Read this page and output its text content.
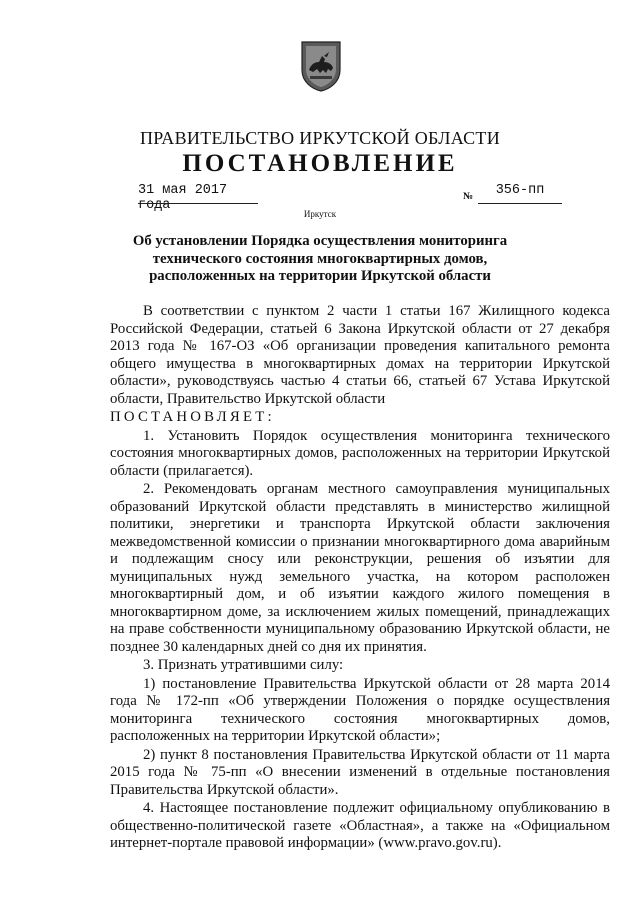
ПРАВИТЕЛЬСТВО ИРКУТСКОЙ ОБЛАСТИ
ПОСТАНОВЛЕНИЕ
31 мая 2017 года
№	356-пп
Иркутск
Об установлении Порядка осуществления мониторинга технического состояния многоквартирных домов, расположенных на территории Иркутской области

В соответствии с пунктом 2 части 1 статьи 167 Жилищного кодекса Российской Федерации, статьей 6 Закона Иркутской области от 27 декабря 2013 года № 167-ОЗ «Об организации проведения капитального ремонта общего имущества в многоквартирных домах на территории Иркутской области», руководствуясь частью 4 статьи 66, статьей 67 Устава Иркутской области, Правительство Иркутской области

ПОСТАНОВЛЯЕТ:

1. Установить Порядок осуществления мониторинга технического состояния многоквартирных домов, расположенных на территории Иркутской области (прилагается).

2. Рекомендовать органам местного самоуправления муниципальных образований Иркутской области представлять в министерство жилищной политики, энергетики и транспорта Иркутской области заключения межведомственной комиссии о признании многоквартирного дома аварийным и подлежащим сносу или реконструкции, решения об изъятии для муниципальных нужд земельного участка, на котором расположен многоквартирный дом, и об изъятии каждого жилого помещения в многоквартирном доме, за исключением жилых помещений, принадлежащих на праве собственности муниципальному образованию Иркутской области, не позднее 30 календарных дней со дня их принятия.

3. Признать утратившими силу:

1) постановление Правительства Иркутской области от 28 марта 2014 года № 172-пп «Об утверждении Положения о порядке осуществления мониторинга технического состояния многоквартирных домов, расположенных на территории Иркутской области»;

2) пункт 8 постановления Правительства Иркутской области от 11 марта 2015 года № 75-пп «О внесении изменений в отдельные постановления Правительства Иркутской области».

4. Настоящее постановление подлежит официальному опубликованию в общественно-политической газете «Областная», а также на «Официальном интернет-портале правовой информации» (www.pravo.gov.ru).
